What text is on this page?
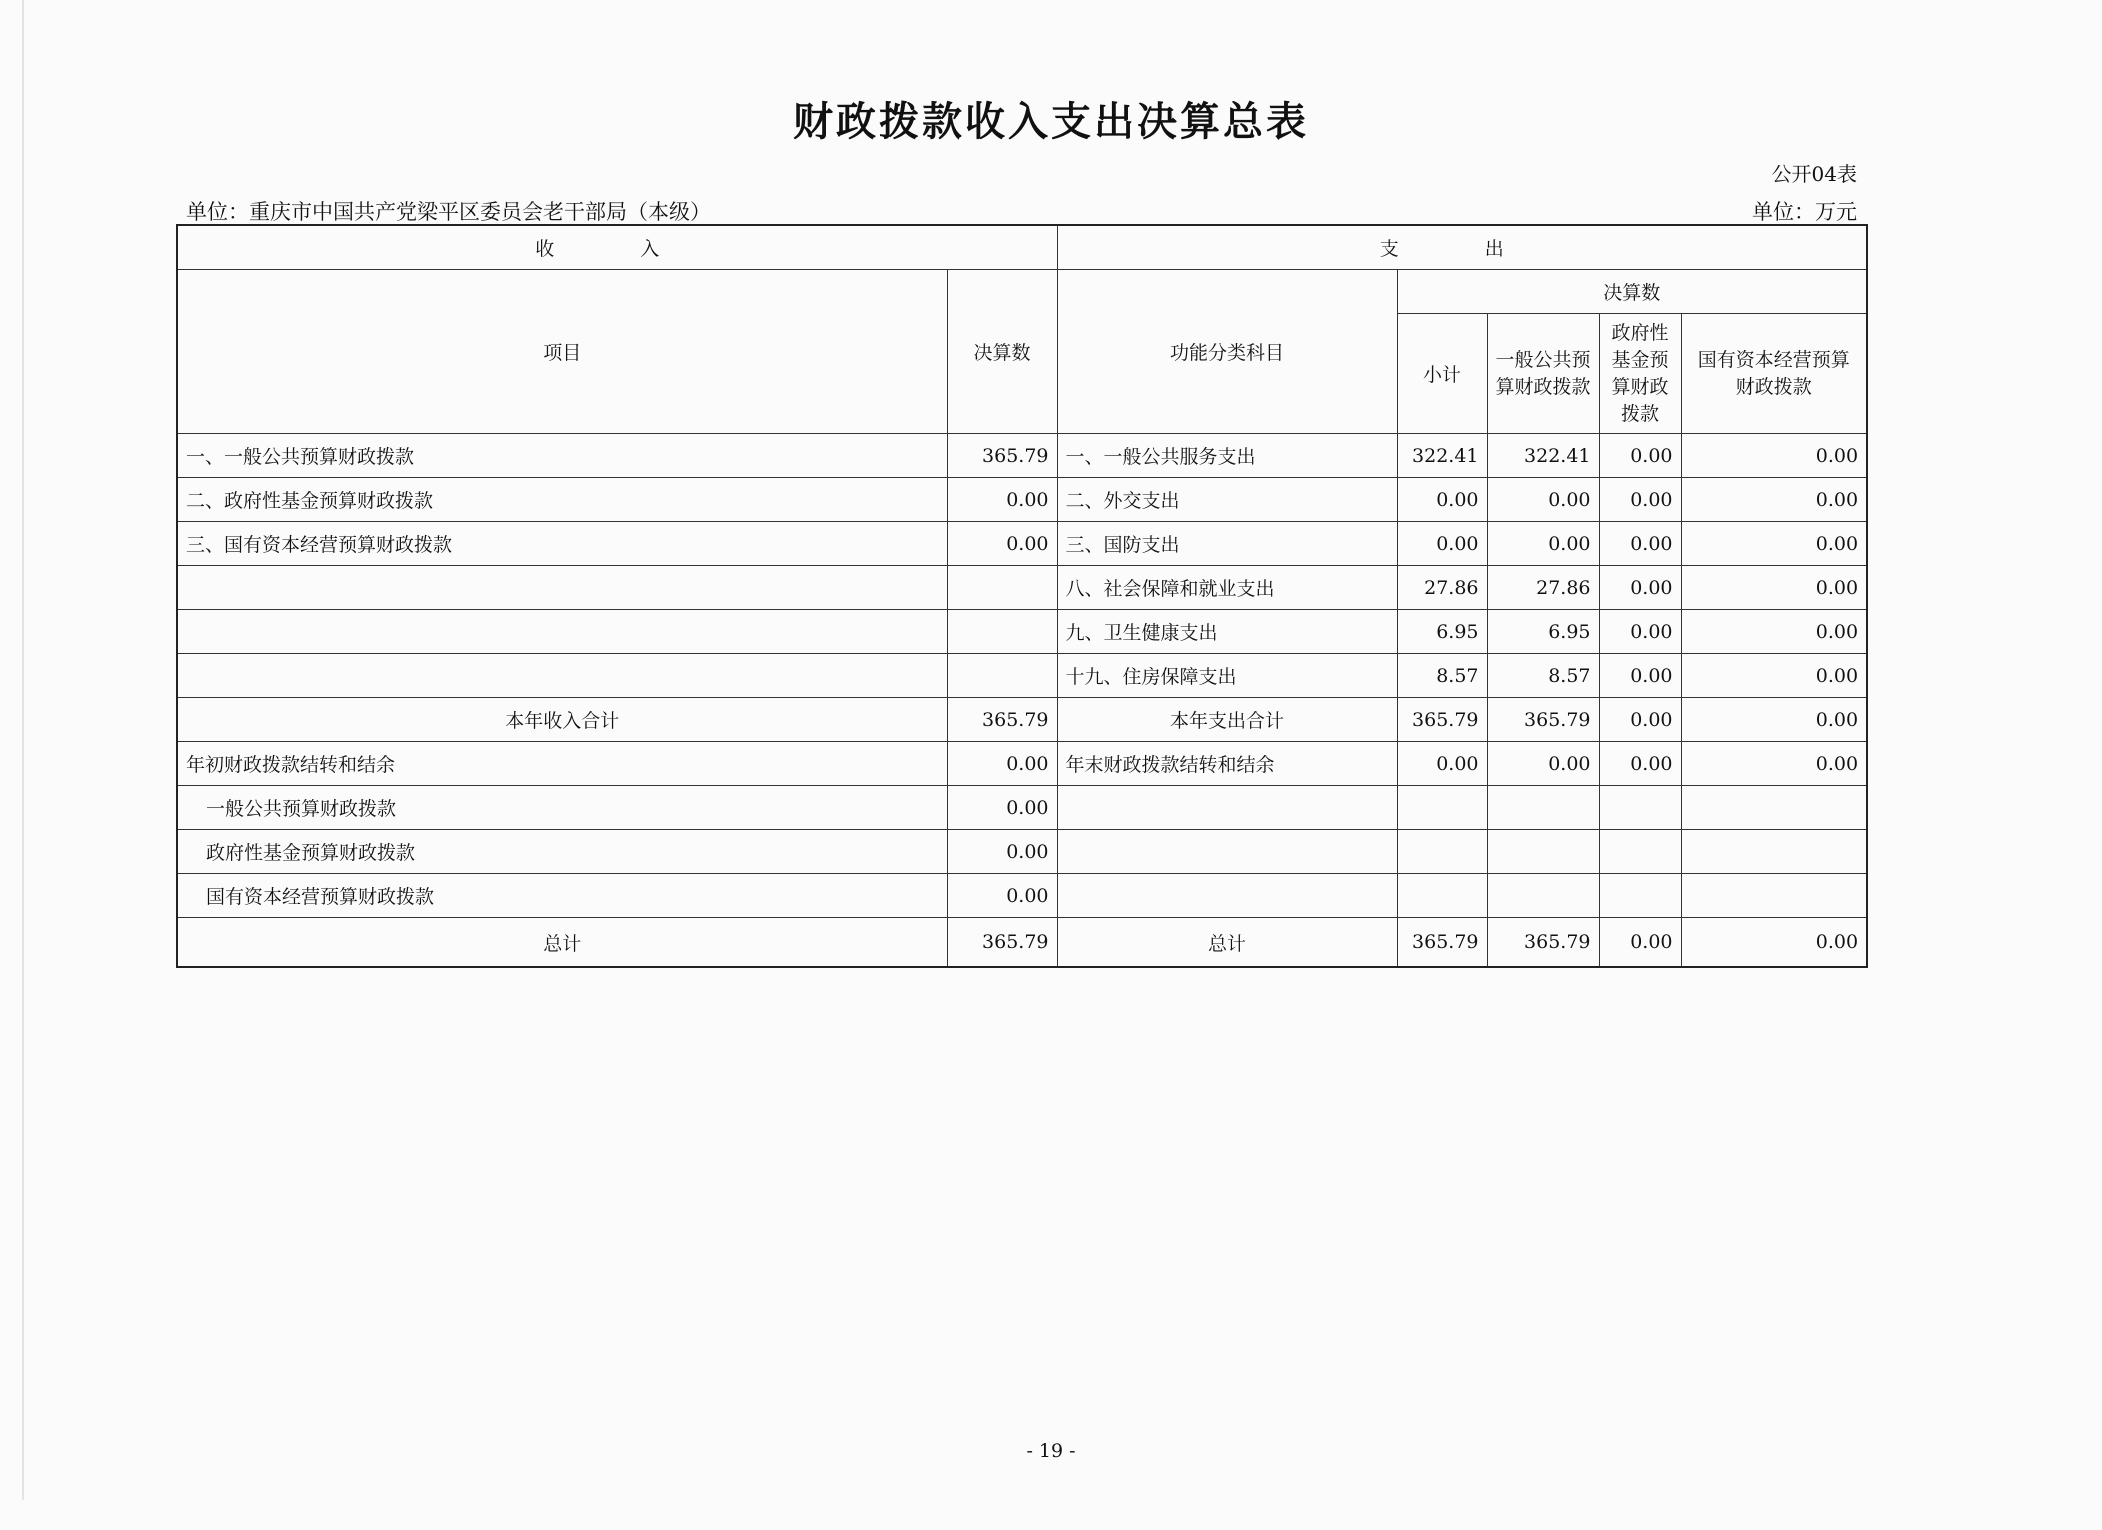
财政拨款收入支出决算总表
公开04表
单位：重庆市中国共产党梁平区委员会老干部局（本级）	单位：万元
收 入		支 出				
项目	决算数	功能分类科目	决算数			
			小计	一般公共预算财政拨款	政府性基金预算财政拨款	国有资本经营预算财政拨款
一、一般公共预算财政拨款	365.79	一、一般公共服务支出	322.41	322.41	0.00	0.00
二、政府性基金预算财政拨款	0.00	二、外交支出	0.00	0.00	0.00	0.00
三、国有资本经营预算财政拨款	0.00	三、国防支出	0.00	0.00	0.00	0.00
		八、社会保障和就业支出	27.86	27.86	0.00	0.00
		九、卫生健康支出	6.95	6.95	0.00	0.00
		十九、住房保障支出	8.57	8.57	0.00	0.00
本年收入合计	365.79	本年支出合计	365.79	365.79	0.00	0.00
年初财政拨款结转和结余	0.00	年末财政拨款结转和结余	0.00	0.00	0.00	0.00
一般公共预算财政拨款	0.00					
政府性基金预算财政拨款	0.00					
国有资本经营预算财政拨款	0.00					
总计	365.79	总计	365.79	365.79	0.00	0.00
- 19 -
